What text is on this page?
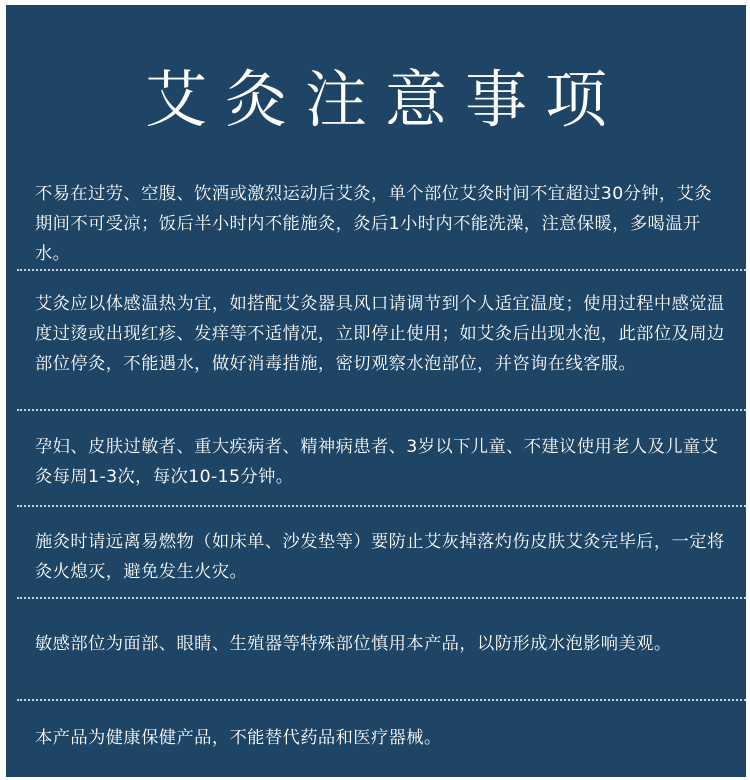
艾灸注意事项

不易在过劳、空腹、饮酒或激烈运动后艾灸，单个部位艾灸时间不宜超过30分钟，艾灸期间不可受凉；饭后半小时内不能施灸，灸后1小时内不能洗澡，注意保暖，多喝温开水。

艾灸应以体感温热为宜，如搭配艾灸器具风口请调节到个人适宜温度；使用过程中感觉温度过烫或出现红疹、发痒等不适情况，立即停止使用；如艾灸后出现水泡，此部位及周边部位停灸，不能遇水，做好消毒措施，密切观察水泡部位，并咨询在线客服。

孕妇、皮肤过敏者、重大疾病者、精神病患者、3岁以下儿童、不建议使用老人及儿童艾灸每周1-3次，每次10-15分钟。

施灸时请远离易燃物（如床单、沙发垫等）要防止艾灰掉落灼伤皮肤艾灸完毕后，一定将灸火熄灭，避免发生火灾。

敏感部位为面部、眼睛、生殖器等特殊部位慎用本产品，以防形成水泡影响美观。

本产品为健康保健产品，不能替代药品和医疗器械。
